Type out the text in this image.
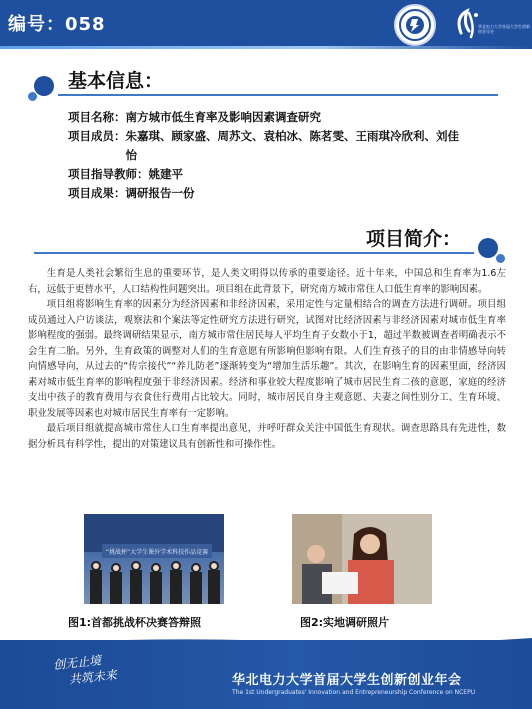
编号：058	华北电力大学首届大学生创新创业年会
基本信息：
项目名称： 南方城市低生育率及影响因素调查研究
项目成员： 朱嘉琪、顾家盛、周苏文、袁柏冰、陈茗雯、王雨琪冷欣利、刘佳怡
项目指导教师： 姚建平
项目成果： 调研报告一份
项目简介：

生育是人类社会繁衍生息的重要环节，是人类文明得以传承的重要途径。近十年来，中国总和生育率为1.6左右，远低于更替水平，人口结构性问题突出。项目组在此背景下，研究南方城市常住人口低生育率的影响因素。

项目组将影响生育率的因素分为经济因素和非经济因素，采用定性与定量相结合的调查方法进行调研。项目组成员通过入户访谈法，观察法和个案法等定性研究方法进行研究，试图对比经济因素与非经济因素对城市低生育率影响程度的强弱。最终调研结果显示，南方城市常住居民每人平均生育子女数小于1，超过半数被调查者明确表示不会生育二胎。另外，生育政策的调整对人们的生育意愿有所影响但影响有限。人们生育孩子的目的由非情感导向转向情感导向，从过去的“传宗接代”“养儿防老”逐渐转变为“增加生活乐趣”。其次，在影响生育的因素里面，经济因素对城市低生育率的影响程度强于非经济因素。经济和事业较大程度影响了城市居民生育二孩的意愿，家庭的经济支出中孩子的教育费用与衣食住行费用占比较大。同时，城市居民自身主观意愿、夫妻之间性别分工、生育环境、职业发展等因素也对城市居民生育率有一定影响。

最后项目组就提高城市常住人口生育率提出意见，并呼吁群众关注中国低生育现状。调查思路具有先进性，数据分析具有科学性，提出的对策建议具有创新性和可操作性。

“挑战杯”大学生课外学术科技作品竞赛
图1:首都挑战杯决赛答辩照	图2:实地调研照片
创无止境
共筑未来	华北电力大学首届大学生创新创业年会
The 1st Undergraduates' Innovation and Entrepreneurship Conference on NCEPU
